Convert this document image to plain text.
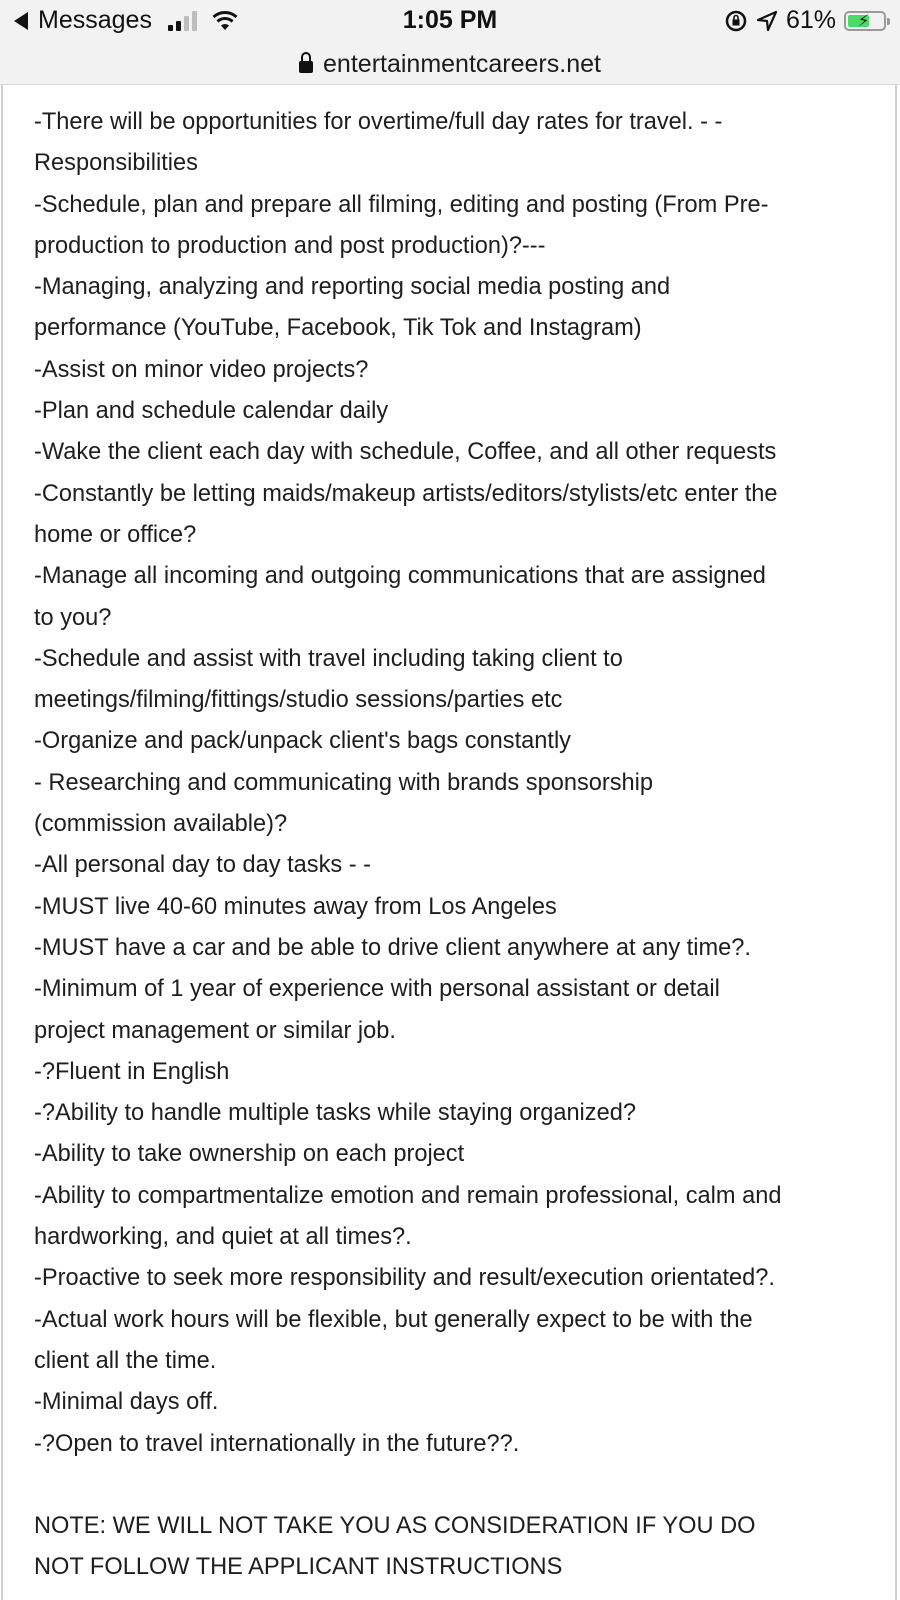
Messages	1:05 PM	61% ⚡
entertainmentcareers.net
-There will be opportunities for overtime/full day rates for travel. - -
Responsibilities
-Schedule, plan and prepare all filming, editing and posting (From Pre-
production to production and post production)?---
-Managing, analyzing and reporting social media posting and
performance (YouTube, Facebook, Tik Tok and Instagram)
-Assist on minor video projects?
-Plan and schedule calendar daily
-Wake the client each day with schedule, Coffee, and all other requests
-Constantly be letting maids/makeup artists/editors/stylists/etc enter the
home or office?
-Manage all incoming and outgoing communications that are assigned
to you?
-Schedule and assist with travel including taking client to
meetings/filming/fittings/studio sessions/parties etc
-Organize and pack/unpack client's bags constantly
- Researching and communicating with brands sponsorship
(commission available)?
-All personal day to day tasks - -
-MUST live 40-60 minutes away from Los Angeles
-MUST have a car and be able to drive client anywhere at any time?.
-Minimum of 1 year of experience with personal assistant or detail
project management or similar job.
-?Fluent in English
-?Ability to handle multiple tasks while staying organized?
-Ability to take ownership on each project
-Ability to compartmentalize emotion and remain professional, calm and
hardworking, and quiet at all times?.
-Proactive to seek more responsibility and result/execution orientated?.
-Actual work hours will be flexible, but generally expect to be with the
client all the time.
-Minimal days off.
-?Open to travel internationally in the future??.
NOTE: WE WILL NOT TAKE YOU AS CONSIDERATION IF YOU DO
NOT FOLLOW THE APPLICANT INSTRUCTIONS
